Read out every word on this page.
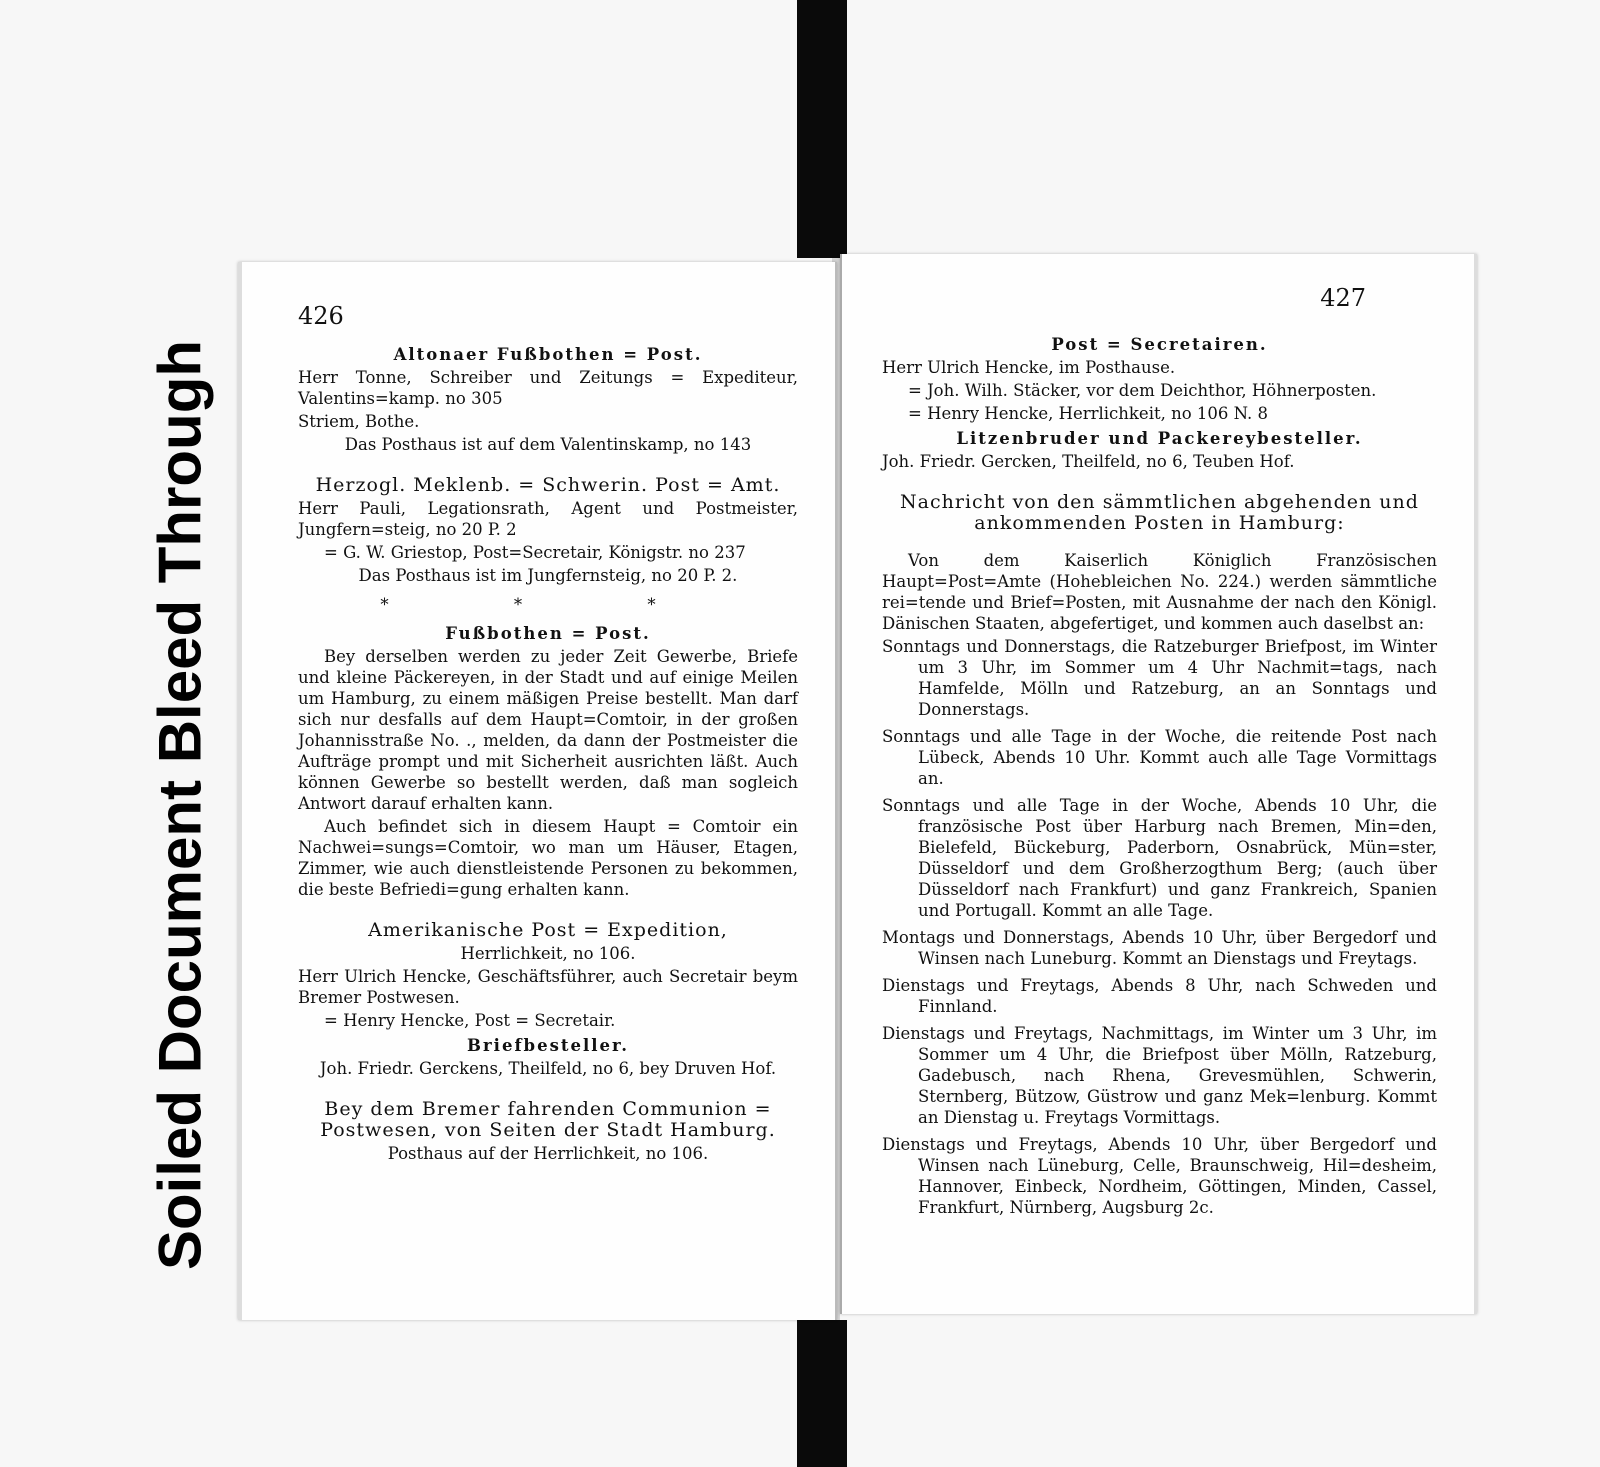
Soiled Document Bleed Through
426
Altonaer Fußbothen = Post.

Herr Tonne, Schreiber und Zeitungs = Expediteur, Valentins=kamp. no 305

Striem, Bothe.

Das Posthaus ist auf dem Valentinskamp, no 143

Herzogl. Meklenb. = Schwerin. Post = Amt.

Herr Pauli, Legationsrath, Agent und Postmeister, Jungfern=steig, no 20 P. 2

= G. W. Griestop, Post=Secretair, Königstr. no 237

Das Posthaus ist im Jungfernsteig, no 20 P. 2.

* * *
Fußbothen = Post.

Bey derselben werden zu jeder Zeit Gewerbe, Briefe und kleine Päckereyen, in der Stadt und auf einige Meilen um Hamburg, zu einem mäßigen Preise bestellt. Man darf sich nur desfalls auf dem Haupt=Comtoir, in der großen Johannisstraße No. ., melden, da dann der Postmeister die Aufträge prompt und mit Sicherheit ausrichten läßt. Auch können Gewerbe so bestellt werden, daß man sogleich Antwort darauf erhalten kann.

Auch befindet sich in diesem Haupt = Comtoir ein Nachwei=sungs=Comtoir, wo man um Häuser, Etagen, Zimmer, wie auch dienstleistende Personen zu bekommen, die beste Befriedi=gung erhalten kann.

Amerikanische Post = Expedition,

Herrlichkeit, no 106.

Herr Ulrich Hencke, Geschäftsführer, auch Secretair beym Bremer Postwesen.

= Henry Hencke, Post = Secretair.

Briefbesteller.

Joh. Friedr. Gerckens, Theilfeld, no 6, bey Druven Hof.

Bey dem Bremer fahrenden Communion = Postwesen, von Seiten der Stadt Hamburg.

Posthaus auf der Herrlichkeit, no 106.

427
Post = Secretairen.

Herr Ulrich Hencke, im Posthause.

= Joh. Wilh. Stäcker, vor dem Deichthor, Höhnerposten.

= Henry Hencke, Herrlichkeit, no 106 N. 8

Litzenbruder und Packereybesteller.

Joh. Friedr. Gercken, Theilfeld, no 6, Teuben Hof.

Nachricht von den sämmtlichen abgehenden und ankommenden Posten in Hamburg:

Von dem Kaiserlich Königlich Französischen Haupt=Post=Amte (Hohebleichen No. 224.) werden sämmtliche rei=tende und Brief=Posten, mit Ausnahme der nach den Königl. Dänischen Staaten, abgefertiget, und kommen auch daselbst an:

Sonntags und Donnerstags, die Ratzeburger Briefpost, im Winter um 3 Uhr, im Sommer um 4 Uhr Nachmit=tags, nach Hamfelde, Mölln und Ratzeburg, an an Sonntags und Donnerstags.

Sonntags und alle Tage in der Woche, die reitende Post nach Lübeck, Abends 10 Uhr. Kommt auch alle Tage Vormittags an.

Sonntags und alle Tage in der Woche, Abends 10 Uhr, die französische Post über Harburg nach Bremen, Min=den, Bielefeld, Bückeburg, Paderborn, Osnabrück, Mün=ster, Düsseldorf und dem Großherzogthum Berg; (auch über Düsseldorf nach Frankfurt) und ganz Frankreich, Spanien und Portugall. Kommt an alle Tage.

Montags und Donnerstags, Abends 10 Uhr, über Bergedorf und Winsen nach Luneburg. Kommt an Dienstags und Freytags.

Dienstags und Freytags, Abends 8 Uhr, nach Schweden und Finnland.

Dienstags und Freytags, Nachmittags, im Winter um 3 Uhr, im Sommer um 4 Uhr, die Briefpost über Mölln, Ratzeburg, Gadebusch, nach Rhena, Grevesmühlen, Schwerin, Sternberg, Bützow, Güstrow und ganz Mek=lenburg. Kommt an Dienstag u. Freytags Vormittags.

Dienstags und Freytags, Abends 10 Uhr, über Bergedorf und Winsen nach Lüneburg, Celle, Braunschweig, Hil=desheim, Hannover, Einbeck, Nordheim, Göttingen, Minden, Cassel, Frankfurt, Nürnberg, Augsburg 2c.
